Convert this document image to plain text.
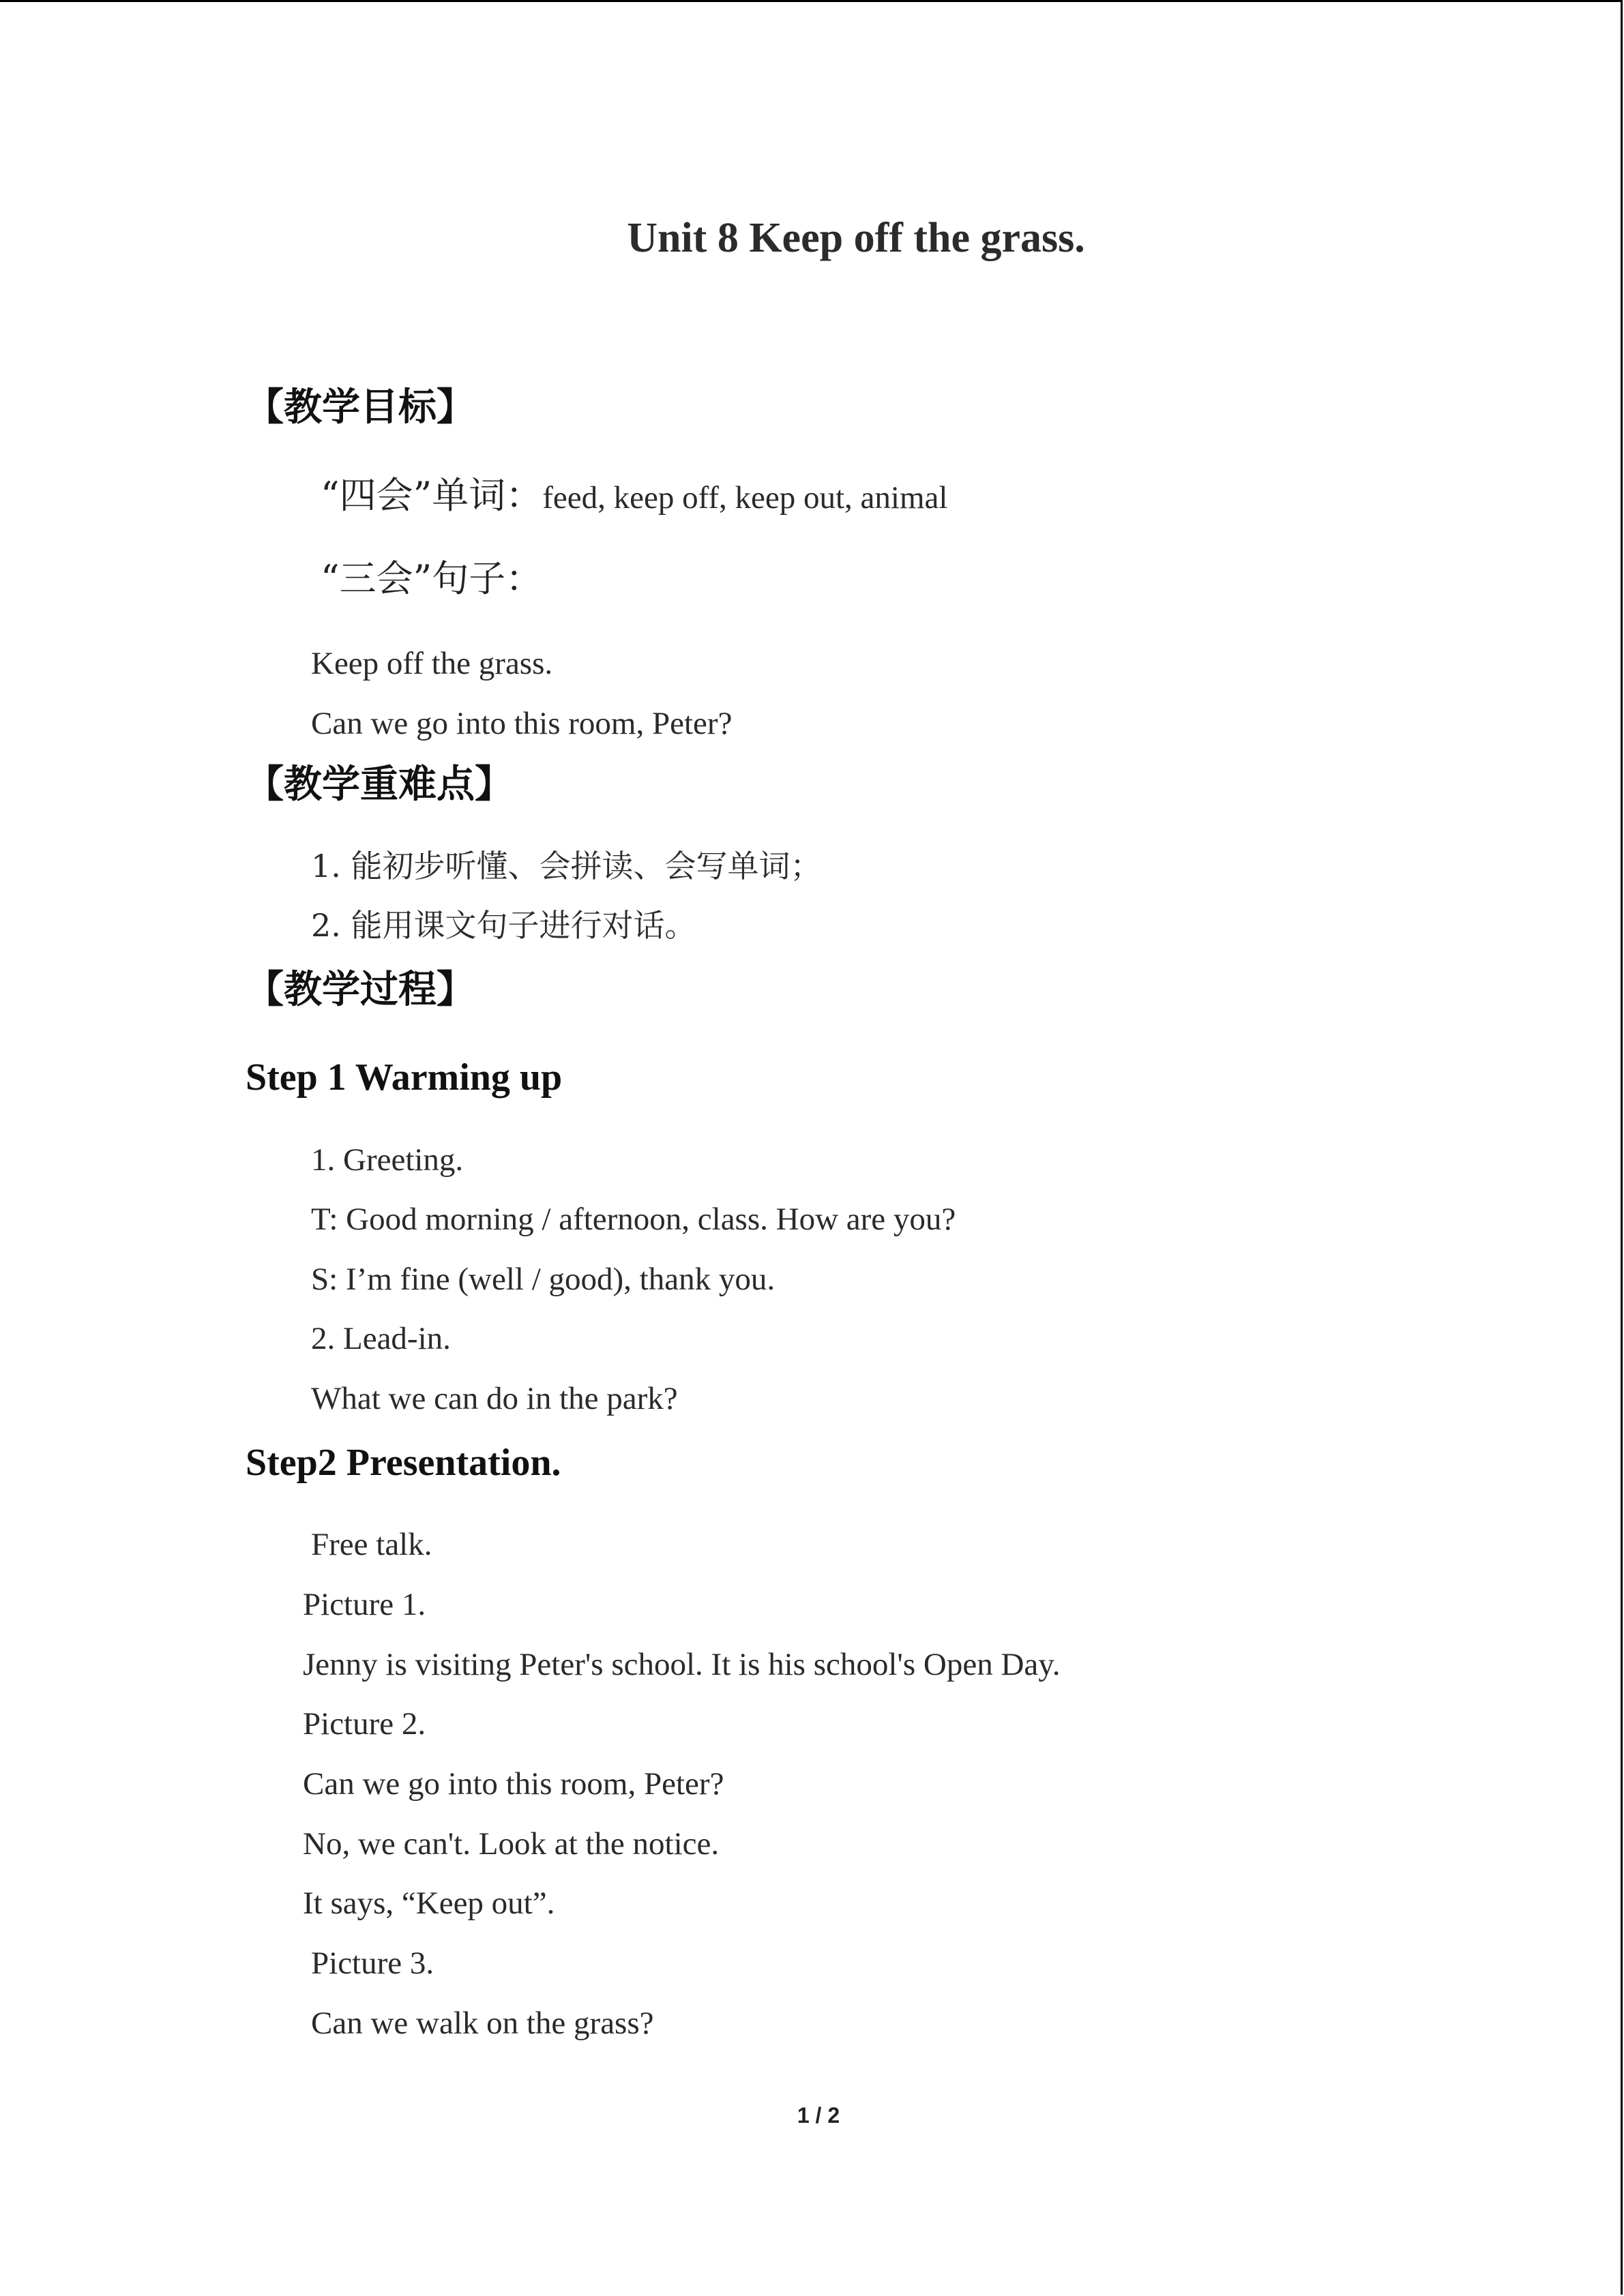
Unit 8 Keep off the grass.
【教学目标】
“四会”单词：feed, keep off, keep out, animal
“三会”句子：
Keep off the grass.
Can we go into this room, Peter?
【教学重难点】
1. 能初步听懂、会拼读、会写单词；
2. 能用课文句子进行对话。
【教学过程】
Step 1 Warming up
1. Greeting.
T: Good morning / afternoon, class. How are you?
S: I’m fine (well / good), thank you.
2. Lead-in.
What we can do in the park?
Step2 Presentation.
Free talk.
Picture 1.
Jenny is visiting Peter's school. It is his school's Open Day.
Picture 2.
Can we go into this room, Peter?
No, we can't. Look at the notice.
It says, “Keep out”.
Picture 3.
Can we walk on the grass?
1 / 2
